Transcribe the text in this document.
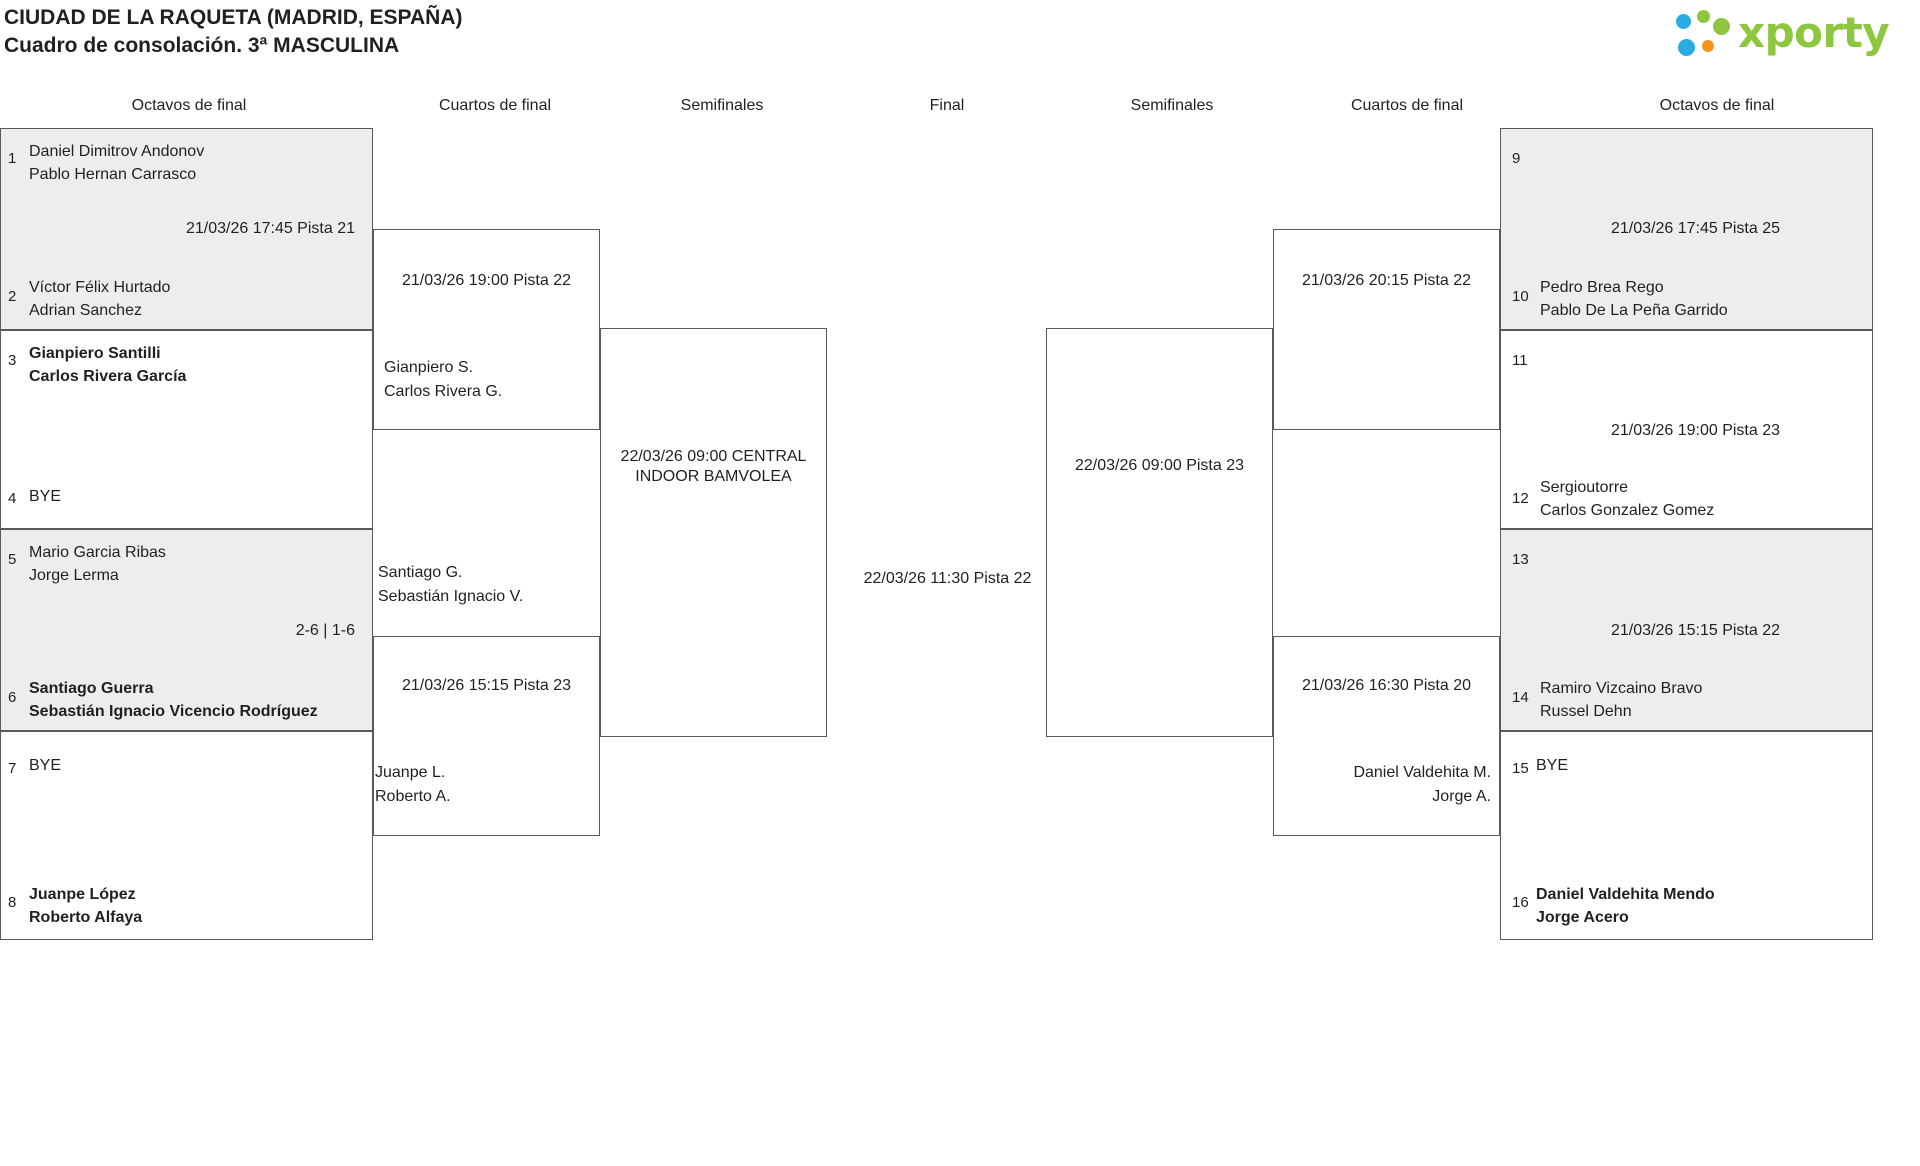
CIUDAD DE LA RAQUETA (MADRID, ESPAÑA)
Cuadro de consolación. 3ª MASCULINA	xporty
Octavos de final	Cuartos de final	Semifinales	Final	Semifinales	Cuartos de final	Octavos de final
1 Daniel Dimitrov Andonov
Pablo Hernan Carrasco
21/03/26 17:45 Pista 21
2
Víctor Félix Hurtado
Adrian Sanchez
3 Gianpiero Santilli
Carlos Rivera García
4 BYE
5 Mario Garcia Ribas
Jorge Lerma
2-6 | 1-6
6
Santiago Guerra
Sebastián Ignacio Vicencio Rodríguez
7 BYE
8 Juanpe López
Roberto Alfaya
21/03/26 19:00 Pista 22
Gianpiero S.
Carlos Rivera G.
21/03/26 15:15 Pista 23
Juanpe L.
Roberto A.
22/03/26 09:00 CENTRAL INDOOR BAMVOLEA
Santiago G.
Sebastián Ignacio V.
22/03/26 11:30 Pista 22
22/03/26 09:00 Pista 23
21/03/26 20:15 Pista 22
21/03/26 16:30 Pista 20
Daniel Valdehita M.
Jorge A.
9
21/03/26 17:45 Pista 25
10
Pedro Brea Rego
Pablo De La Peña Garrido
11
21/03/26 19:00 Pista 23
12
Sergioutorre
Carlos Gonzalez Gomez
13
21/03/26 15:15 Pista 22
14
Ramiro Vizcaino Bravo
Russel Dehn
15 BYE
16 Daniel Valdehita Mendo
Jorge Acero
